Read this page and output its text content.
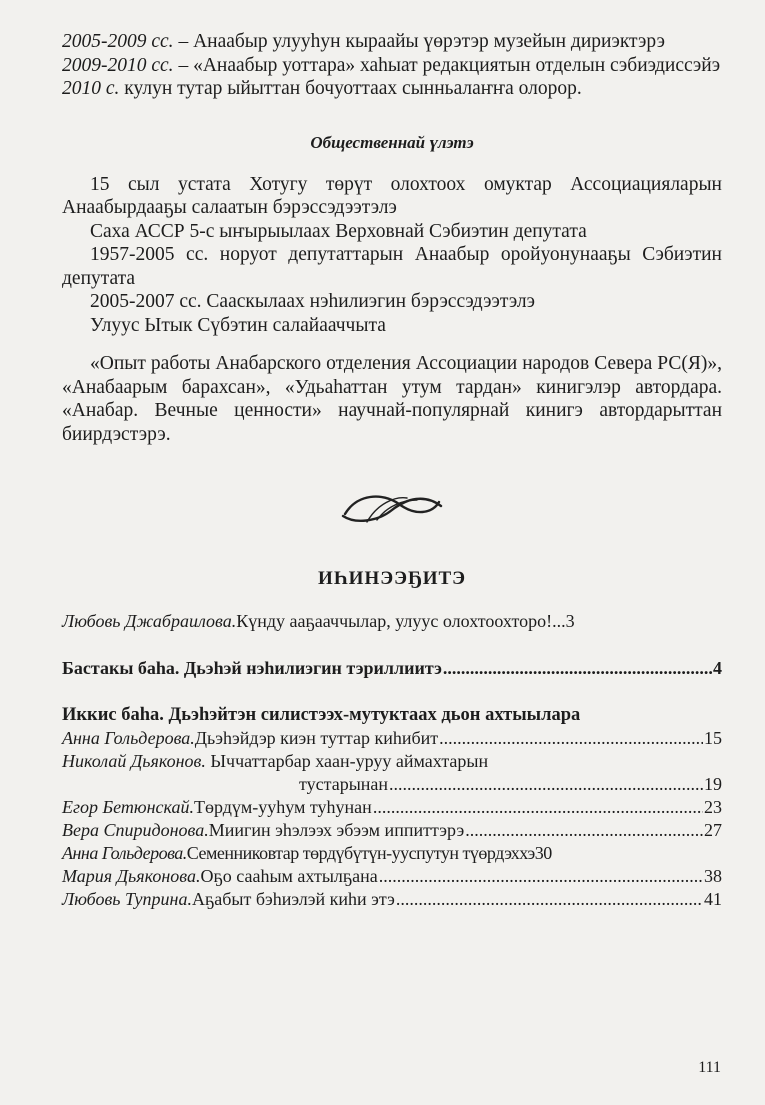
2005-2009 сс. – Анаабыр улууһун кыраайы үөрэтэр музейын дириэктэрэ

2009-2010 сс. – «Анаабыр уоттара» хаһыат редакциятын отделын сэбиэдиссэйэ

2010 с. кулун тутар ыйыттан бочуоттаах сынньалаҥҥа олорор.

Общественнай үлэтэ

15 сыл устата Хотугу төрүт олохтоох омуктар Ассоциацияларын Анаабырдааҕы салаатын бэрэссэдээтэлэ

Саха АССР 5-с ыҥырыылаах Верховнай Сэбиэтин депутата

1957-2005 сс. норуот депутаттарын Анаабыр оройуонунааҕы Сэбиэтин депутата

2005-2007 сс. Сааскылаах нэһилиэгин бэрэссэдээтэлэ

Улуус Ытык Сүбэтин салайааччыта

«Опыт работы Анабарского отделения Ассоциации народов Севера РС(Я)», «Анабаарым барахсан», «Удьаһаттан утум тардан» кинигэлэр автордара. «Анабар. Вечные ценности» научнай-популярнай кинигэ автордарыттан биирдэстэрэ.

ИҺИНЭЭҔИТЭ
Любовь Джабраилова. Күнду аaҕааччылар, улуус олохтоохторо! ...3
Бастакы баһа. Дьэһэй нэһилиэгин тэриллиитэ .....	4
Иккис баһа. Дьэһэйтэн силистээх-мутуктаах дьон ахтыылара
Анна Гольдерова. Дьэһэйдэр киэн туттар киһибит .....	15
Николай Дьяконов. Ыччаттарбар хаан-уруу аймахтарын
тустарынан .....	19
Егор Бетюнскай. Төрдүм-ууһум туһунан .....	23
Вера Спиридонова. Миигин эһэлээх эбээм иппиттэрэ .....	27
Анна Гольдерова. Семенниковтар төрдүбүтүн-ууспутун түөрдэххэ 30
Мария Дьяконова. Оҕо сааһым ахтылҕана .....	38
Любовь Туприна. Аҕабыт бэһиэлэй киһи этэ .....	41
111
